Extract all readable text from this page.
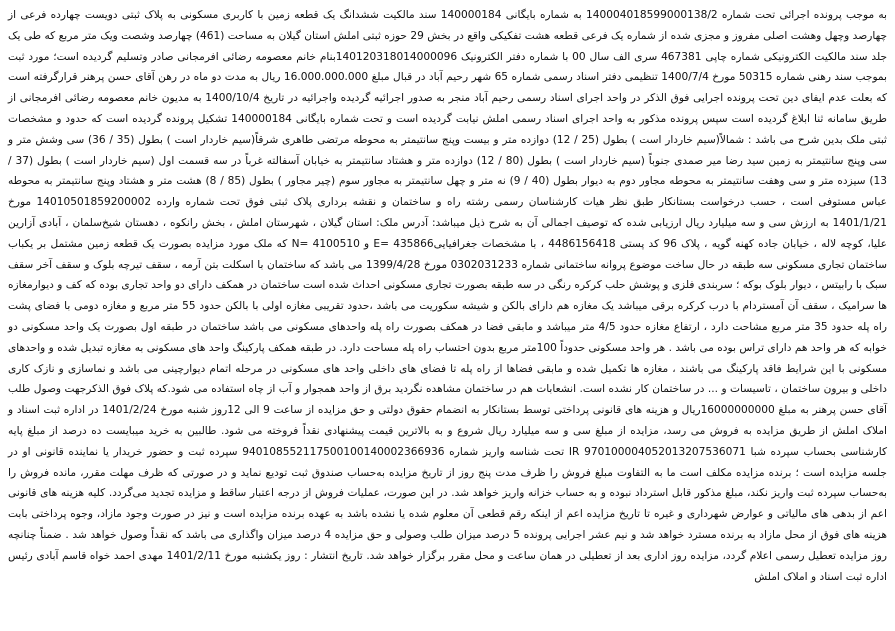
به موجب پرونده اجرائی تحت شماره 140004018599000138/2 به شماره بایگانی 140000184 سند مالکیت ششدانگ یک قطعه زمین با کاربری مسکونی به پلاک ثبتی دویست چهارده فرعی از چهارصد وچهل وهشت اصلی مفروز و مجزی شده از شماره یک فرعی قطعه هشت تفکیکی واقع در بخش 29 حوزه ثبتی املش استان گیلان به مساحت (461) چهارصد وشصت ویک متر مربع که طی یک جلد سند مالکیت الکترونیکی شماره چاپی 467381 سری الف سال 00 با شماره دفتر الکترونیک 140120318014000096بنام خانم معصومه رضائی افرمجانی صادر وتسلیم گردیده است؛ مورد ثبت بموجب سند رهنی شماره 50315 مورخ 1400/7/4 تنظیمی دفتر اسناد رسمی شماره 65 شهر رحیم آباد در قبال مبلغ 16.000.000.000 ریال به مدت دو ماه در رهن آقای حسن پرهنر قرارگرفته است که بعلت عدم ایفای دین تحت پرونده اجرایی فوق الذکر در واحد اجرای اسناد رسمی رحیم آباد منجر به صدور اجرائیه گردیده واجرائیه در تاریخ 1400/10/4 به مدیون خانم معصومه رضائی افرمجانی از طریق سامانه ثنا ابلاغ گردیده است سپس پرونده مذکور به واحد اجرای اسناد رسمی املش نیابت گردیده است و تحت شماره بایگانی 140000184 تشکیل پرونده گردیده است که حدود و مشخصات ثبتی ملک بدین شرح می باشد : شمالاً(سیم خاردار است ) بطول (25 / 12) دوازده متر و بیست وپنج سانتیمتر به محوطه مرتضی طاهری شرقاً(سیم خاردار است ) بطول (35 / 36) سی وشش متر و سی وپنج سانتیمتر به زمین سید رضا میر صمدی جنوباً (سیم خاردار است ) بطول (80 / 12) دوازده متر و هشتاد سانتیمتر به خیابان آسفالته غرباً در سه قسمت اول (سیم خاردار است ) بطول (37 / 13) سیزده متر و سی وهفت سانتیمتر به محوطه مجاور دوم به دیوار بطول (40 / 9) نه متر و چهل سانتیمتر به مجاور سوم (چیر مجاور ) بطول (85 / 8) هشت متر و هشتاد وپنج سانتیمتر به محوطه عباس مستوفی است ، حسب درخواست بستانکار طبق نظر هیات کارشناسان رسمی رشته راه و ساختمان و نقشه برداری پلاک ثبتی فوق تحت شماره وارده 14010501859200002 مورخ 1401/1/21 به ارزش سی و سه میلیارد ریال ارزیابی شده که توصیف اجمالی آن به شرح ذیل میباشد: آدرس ملک: استان گیلان ، شهرستان املش ، بخش رانکوه ، دهستان شیخ‌سلمان ، آبادی آزارین علیا، کوچه لاله ، خیابان جاده کهنه گویه ، پلاک 96 کد پستی 4486156418 ، با مشخصات جغرافیایی435866 =E و 4100510 =N که ملک مورد مزایده بصورت یک قطعه زمین مشتمل بر یکباب ساختمان تجاری مسکونی سه طبقه در حال ساخت موضوع پروانه ساختمانی شماره 0302031233 مورخ 1399/4/28 می باشد که ساختمان با اسکلت بتن آرمه ، سقف تیرچه بلوک و سقف آخر سقف سبک با رابیتس ، دیوار بلوک بوکه ؛ سربندی فلزی و پوشش حلب کرکره رنگی در سه طبقه بصورت تجاری مسکونی احداث شده است ساختمان در همکف دارای دو واحد تجاری بوده که کف و دیوارمغازه ها سرامیک ، سقف آن آمستردام با درب کرکره برقی میباشد یک مغازه هم دارای بالکن و شیشه سکوریت می باشد ،حدود تقریبی مغازه اولی با بالکن حدود 55 متر مربع و مغازه دومی با فضای پشت راه پله حدود 35 متر مربع مشاحت دارد ، ارتفاع مغازه حدود 4/5 متر میباشد و مابقی فضا در همکف بصورت راه پله واحدهای مسکونی می باشد ساختمان در طبقه اول بصورت یک واحد مسکونی دو خوابه که هر واحد هم دارای تراس بوده می باشد . هر واحد مسکونی حدوداً 100متر مربع بدون احتساب راه پله مساحت دارد. در طبقه همکف پارکینگ واحد های مسکونی به مغازه تبدیل شده و واحدهای مسکونی با این شرایط فاقد پارکینگ می باشند ، مغازه ها تکمیل شده و مابقی فضاها از راه پله تا فضای های داخلی واحد های مسکونی در مرحله اتمام دیوارچینی می باشد و نماسازی و نازک کاری داخلی و بیرون ساختمان ، تاسیسات و ... در ساختمان کار نشده است. انشعابات هم در ساختمان مشاهده نگردید برق از واحد همجوار و آب از چاه استفاده می شود.که پلاک فوق الذکرجهت وصول طلب آقای حسن پرهنر به مبلغ 16000000000ریال و هزینه های قانونی پرداختی توسط بستانکار به انضمام حقوق دولتی و حق مزایده از ساعت 9 الی 12روز شنبه مورخ 1401/2/24 در اداره ثبت اسناد و املاک املش از طریق مزایده به فروش می رسد، مزایده از مبلغ سی و سه میلیارد ریال شروع و به بالاترین قیمت پیشنهادی نقداً فروخته می شود. طالبین به خرید میبایست ده درصد از مبلغ پایه کارشناسی بحساب سپرده شبا 970100004052013207536071 IR تحت شناسه واریز شماره 940108552117500100140002366936 سپرده ثبت و حضور خریدار یا نماینده قانونی او در جلسه مزایده است ؛ برنده مزایده مکلف است ما به التفاوت مبلغ فروش را ظرف مدت پنج روز از تاریخ مزایده به‌حساب صندوق ثبت تودیع نماید و در صورتی که ظرف مهلت مقرر، مانده فروش را به‌حساب سپرده ثبت واریز نکند، مبلغ مذکور قابل استرداد نبوده و به حساب خزانه واریز خواهد شد. در این صورت، عملیات فروش از درجه اعتبار ساقط و مزایده تجدید می‌گردد. کلیه هزینه های قانونی اعم از بدهی های مالیاتی و عوارض شهرداری و غیره تا تاریخ مزایده اعم از اینکه رقم قطعی آن معلوم شده یا نشده باشد به عهده برنده مزایده است و نیز در صورت وجود مازاد، وجوه پرداختی بابت هزینه های فوق از محل مازاد به برنده مسترد خواهد شد و نیم عشر اجرایی پرونده 5 درصد میزان طلب وصولی و حق مزایده 4 درصد میزان واگذاری می باشد که نقداً وصول خواهد شد . ضمناً چنانچه روز مزایده تعطیل رسمی اعلام گردد، مزایده روز اداری بعد از تعطیلی در همان ساعت و محل مقرر برگزار خواهد شد. تاریخ انتشار : روز یکشنبه مورخ 1401/2/11 مهدی احمد خواه قاسم آبادی رئیس اداره ثبت اسناد و املاک املش
